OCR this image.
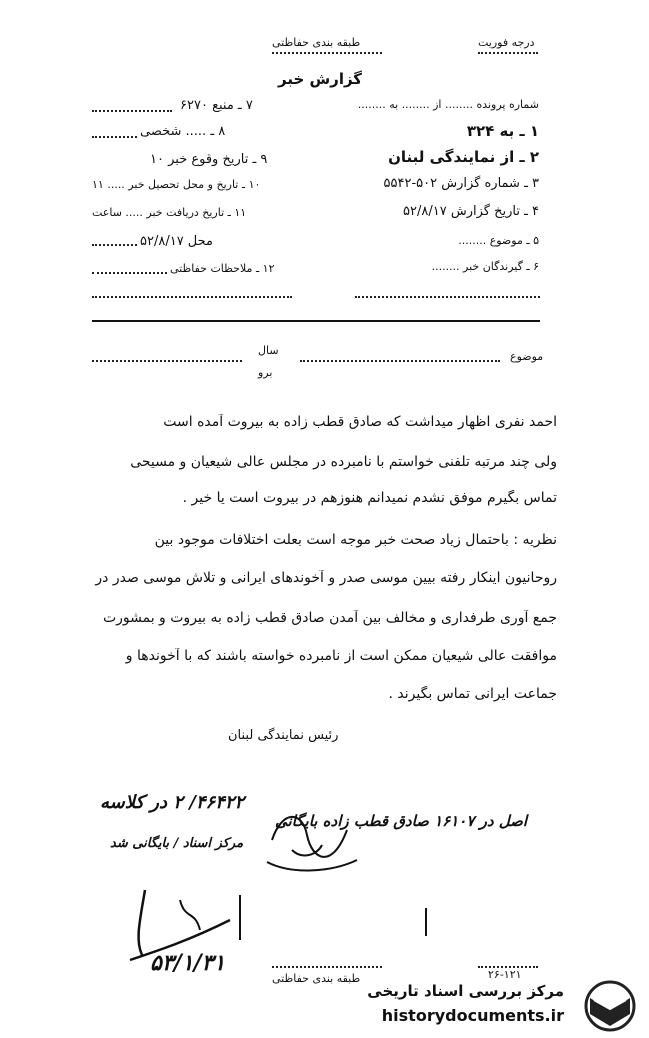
درجه فوریت
طبقه بندی حفاظتی
گزارش خبر
شماره پرونده ........ از ........ به ........
۱ ـ به ۳۲۴
۲ ـ از نمایندگی لبنان
۳ ـ شماره گزارش ۵۰۲-۵۵۴۲
۴ ـ تاریخ گزارش ۵۲/۸/۱۷
۵ ـ موضوع ........
۶ ـ گیرندگان خبر ........
۷ ـ منبع ۶۲۷۰
۸ ـ ..... شخصی
۹ ـ تاریخ وقوع خبر ۱۰
۱۰ ـ تاریخ و محل تحصیل خبر ..... ۱۱
۱۱ ـ تاریخ دریافت خبر ..... ساعت
محل ۵۲/۸/۱۷
۱۲ ـ ملاحظات حفاظتی
موضوع
سال
برو
احمد نفری اظهار میداشت که صادق قطب زاده به بیروت آمده است
ولی چند مرتبه تلفنی خواستم با نامبرده در مجلس عالی شیعیان و مسیحی
تماس بگیرم موفق نشدم نمیدانم هنوزهم در بیروت است یا خیر .
نظریه : باحتمال زیاد صحت خبر موجه است بعلت اختلافات موجود بین
روحانیون اینکار رفته بیین موسی صدر و آخوندهای ایرانی و تلاش موسی صدر در
جمع آوری طرفداری و مخالف بین آمدن صادق قطب زاده به بیروت و بمشورت
موافقت عالی شیعیان ممکن است از نامبرده خواسته باشند که با آخوندها و
جماعت ایرانی تماس بگیرند .
رئیس نمایندگی لبنان
۴۶۴۲۲/ ۲ در کلاسه
مرکز اسناد / بایگانی شد
اصل در ۱۶۱۰۷ صادق قطب زاده بایگانی
۵۳/۱/۳۱
طبقه بندی حفاظتی	۲۶-۱۲۱
مرکز بررسی اسناد تاریخی
historydocuments.ir
